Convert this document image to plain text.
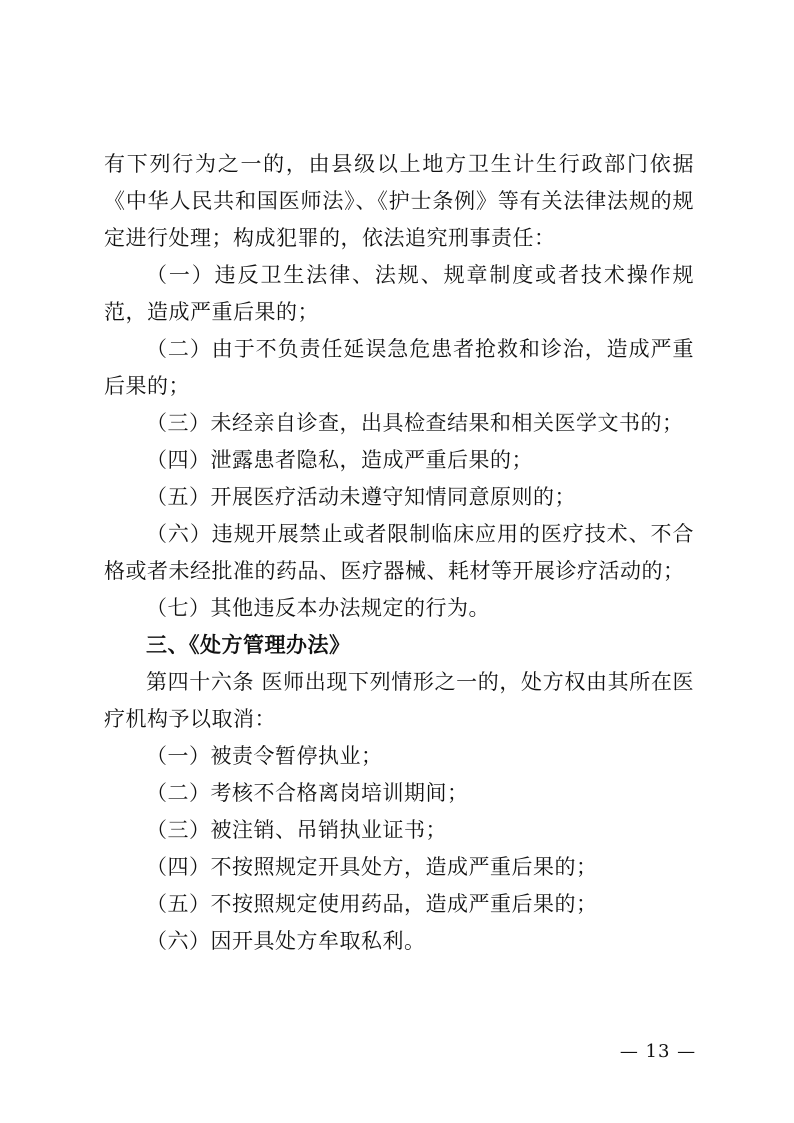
有下列行为之一的，由县级以上地方卫生计生行政部门依据《中华人民共和国医师法》、《护士条例》等有关法律法规的规定进行处理；构成犯罪的，依法追究刑事责任：

（一）违反卫生法律、法规、规章制度或者技术操作规范，造成严重后果的；

（二）由于不负责任延误急危患者抢救和诊治，造成严重后果的；

（三）未经亲自诊查，出具检查结果和相关医学文书的；

（四）泄露患者隐私，造成严重后果的；

（五）开展医疗活动未遵守知情同意原则的；

（六）违规开展禁止或者限制临床应用的医疗技术、不合格或者未经批准的药品、医疗器械、耗材等开展诊疗活动的；

（七）其他违反本办法规定的行为。

三、《处方管理办法》

第四十六条 医师出现下列情形之一的，处方权由其所在医疗机构予以取消：

（一）被责令暂停执业；

（二）考核不合格离岗培训期间；

（三）被注销、吊销执业证书；

（四）不按照规定开具处方，造成严重后果的；

（五）不按照规定使用药品，造成严重后果的；

（六）因开具处方牟取私利。

— 13 —
